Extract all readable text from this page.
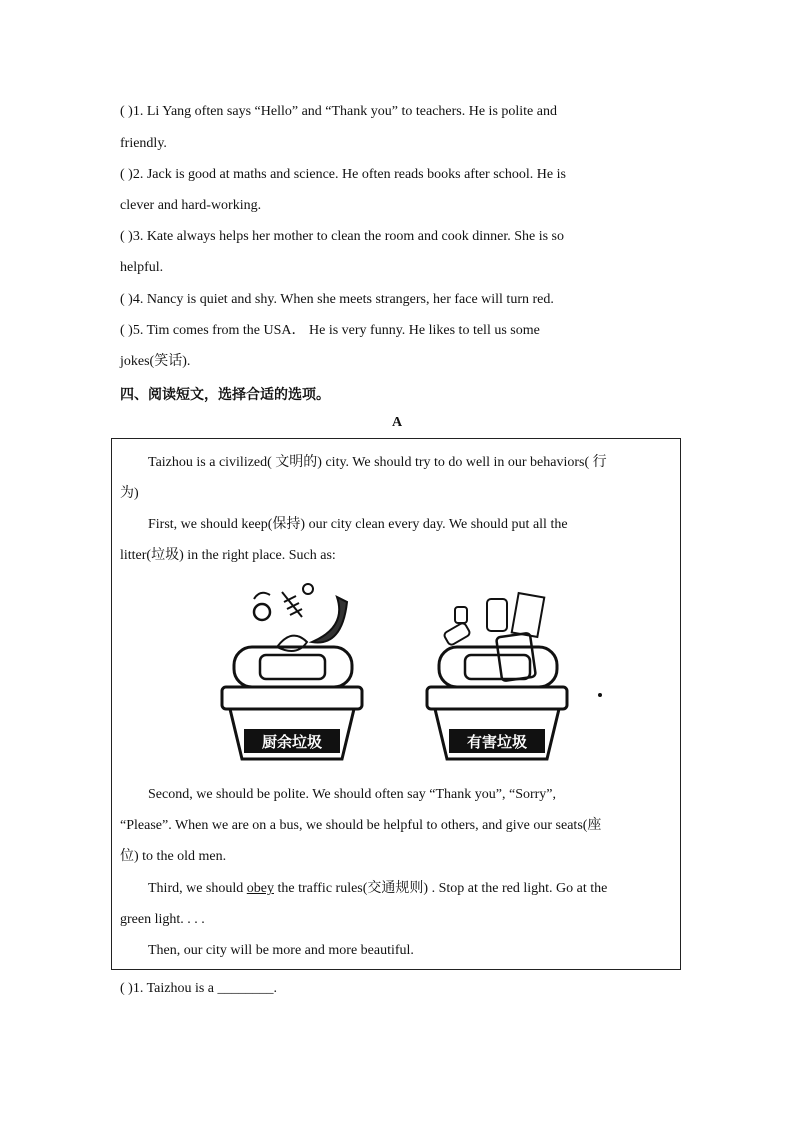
( )1. Li Yang often says “Hello” and “Thank you” to teachers. He is polite and
friendly.
( )2. Jack is good at maths and science. He often reads books after school. He is
clever and hard-working.
( )3. Kate always helps her mother to clean the room and cook dinner. She is so
helpful.
( )4. Nancy is quiet and shy. When she meets strangers, her face will turn red.
( )5. Tim comes from the USA． He is very funny. He likes to tell us some
jokes(笑话).
四、阅读短文，选择合适的选项。
A
Taizhou is a civilized( 文明的) city. We should try to do well in our behaviors( 行
为)
First, we should keep(保持) our city clean every day. We should put all the
litter(垃圾) in the right place. Such as:
厨余垃圾	有害垃圾
Second, we should be polite. We should often say “Thank you”, “Sorry”,
“Please”. When we are on a bus, we should be helpful to others, and give our seats(座
位) to the old men.
Third, we should obey the traffic rules(交通规则) . Stop at the red light. Go at the
green light. . . .
Then, our city will be more and more beautiful.
( )1. Taizhou is a ________.
